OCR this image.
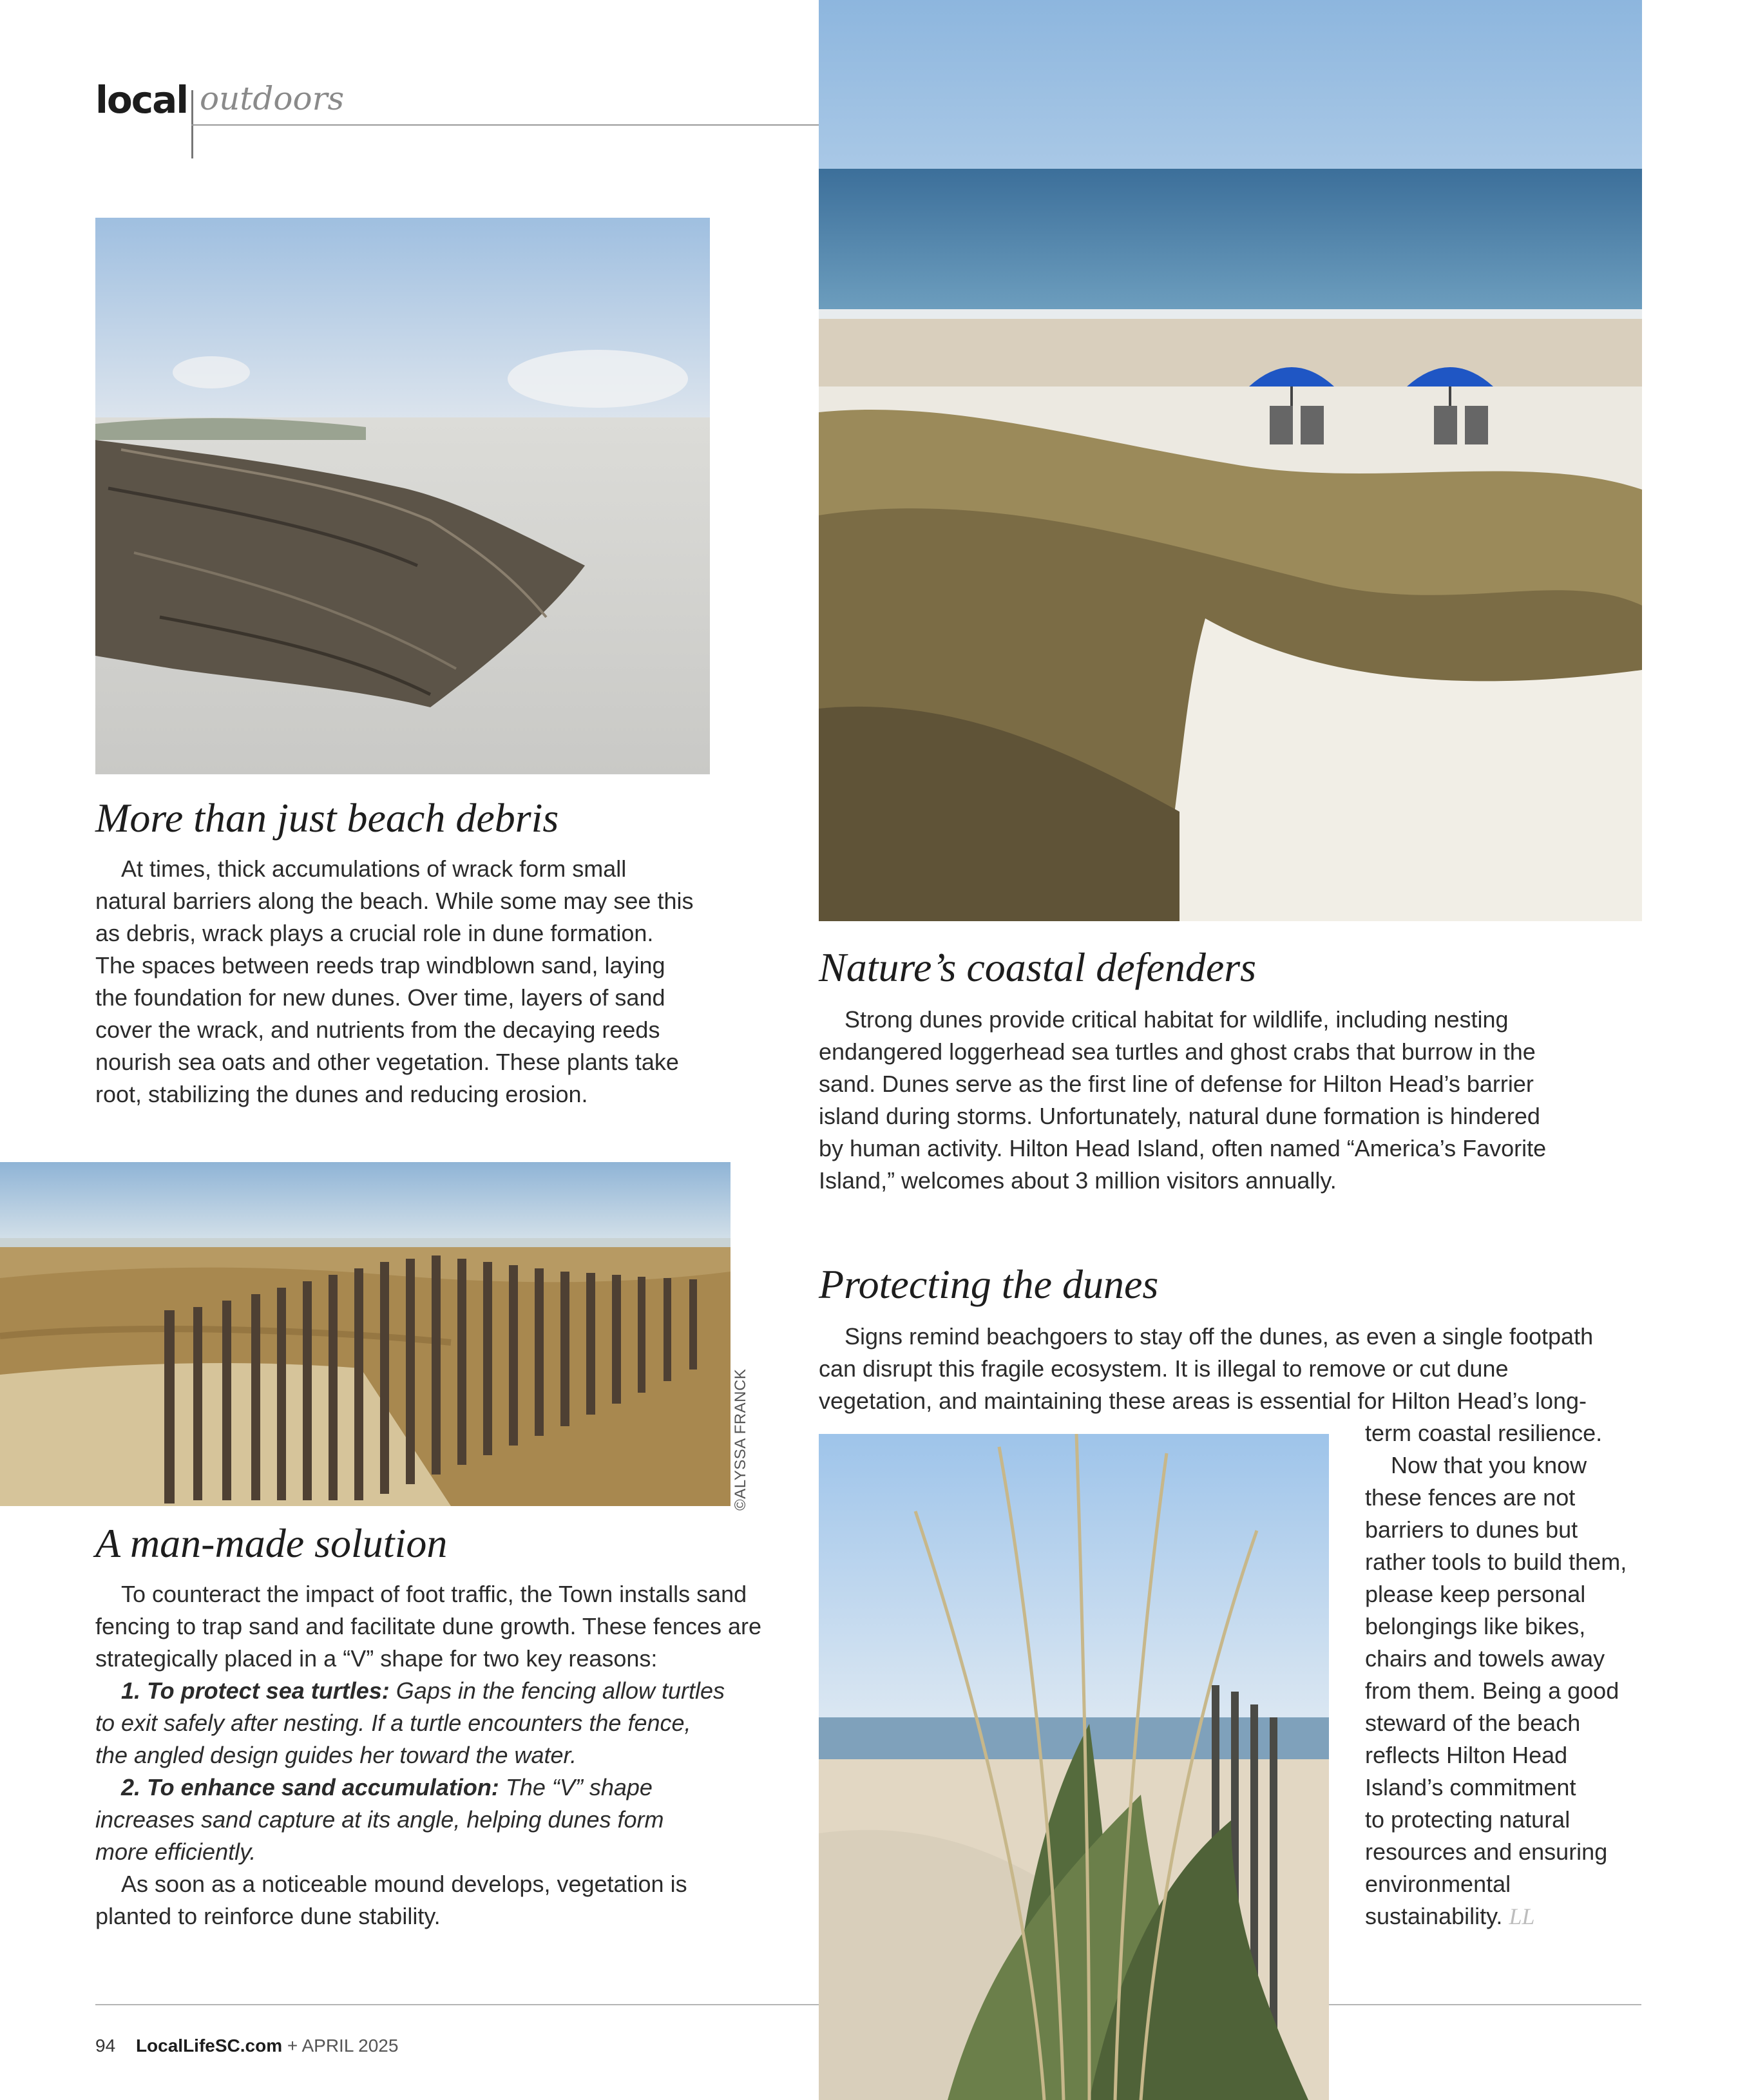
local outdoors
More than just beach debris
At times, thick accumulations of wrack form small
natural barriers along the beach. While some may see this
as debris, wrack plays a crucial role in dune formation.
The spaces between reeds trap windblown sand, laying
the foundation for new dunes. Over time, layers of sand
cover the wrack, and nutrients from the decaying reeds
nourish sea oats and other vegetation. These plants take
root, stabilizing the dunes and reducing erosion.
©ALYSSA FRANCK
A man-made solution
To counteract the impact of foot traffic, the Town installs sand
fencing to trap sand and facilitate dune growth. These fences are
strategically placed in a “V” shape for two key reasons:
1. To protect sea turtles: Gaps in the fencing allow turtles
to exit safely after nesting. If a turtle encounters the fence,
the angled design guides her toward the water.
2. To enhance sand accumulation: The “V” shape
increases sand capture at its angle, helping dunes form
more efficiently.
As soon as a noticeable mound develops, vegetation is
planted to reinforce dune stability.
Nature’s coastal defenders
Strong dunes provide critical habitat for wildlife, including nesting
endangered loggerhead sea turtles and ghost crabs that burrow in the
sand. Dunes serve as the first line of defense for Hilton Head’s barrier
island during storms. Unfortunately, natural dune formation is hindered
by human activity. Hilton Head Island, often named “America’s Favorite
Island,” welcomes about 3 million visitors annually.
Protecting the dunes
Signs remind beachgoers to stay off the dunes, as even a single footpath
can disrupt this fragile ecosystem. It is illegal to remove or cut dune
vegetation, and maintaining these areas is essential for Hilton Head’s long-
term coastal resilience.
Now that you know
these fences are not
barriers to dunes but
rather tools to build them,
please keep personal
belongings like bikes,
chairs and towels away
from them. Being a good
steward of the beach
reflects Hilton Head
Island’s commitment
to protecting natural
resources and ensuring
environmental
sustainability. LL
94 LocalLifeSC.com + APRIL 2025
